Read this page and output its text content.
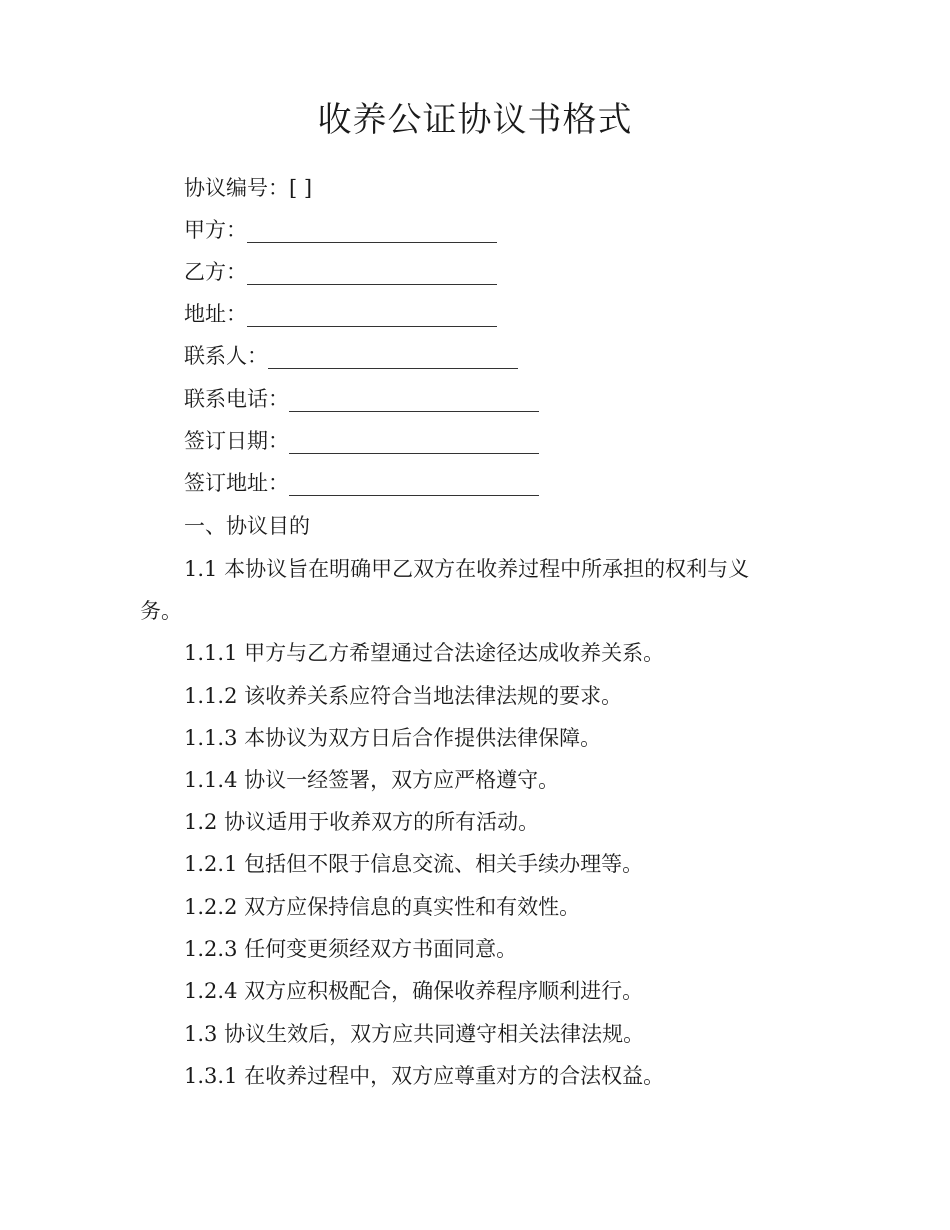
收养公证协议书格式
协议编号：[ ]
甲方：
乙方：
地址：
联系人：
联系电话：
签订日期：
签订地址：
一、协议目的
1.1 本协议旨在明确甲乙双方在收养过程中所承担的权利与义
务。
1.1.1 甲方与乙方希望通过合法途径达成收养关系。
1.1.2 该收养关系应符合当地法律法规的要求。
1.1.3 本协议为双方日后合作提供法律保障。
1.1.4 协议一经签署，双方应严格遵守。
1.2 协议适用于收养双方的所有活动。
1.2.1 包括但不限于信息交流、相关手续办理等。
1.2.2 双方应保持信息的真实性和有效性。
1.2.3 任何变更须经双方书面同意。
1.2.4 双方应积极配合，确保收养程序顺利进行。
1.3 协议生效后，双方应共同遵守相关法律法规。
1.3.1 在收养过程中，双方应尊重对方的合法权益。
